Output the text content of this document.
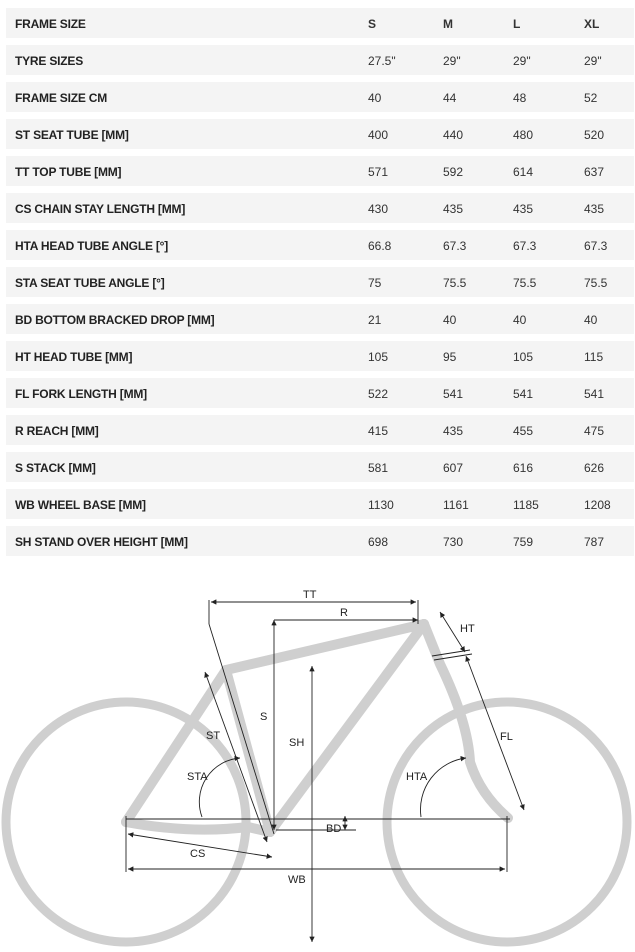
FRAME SIZE	S	M	L	XL
TYRE SIZES	27.5"	29"	29"	29"
FRAME SIZE CM	40	44	48	52
ST SEAT TUBE [MM]	400	440	480	520
TT TOP TUBE [MM]	571	592	614	637
CS CHAIN STAY LENGTH [MM]	430	435	435	435
HTA HEAD TUBE ANGLE [°]	66.8	67.3	67.3	67.3
STA SEAT TUBE ANGLE [°]	75	75.5	75.5	75.5
BD BOTTOM BRACKED DROP [MM]	21	40	40	40
HT HEAD TUBE [MM]	105	95	105	115
FL FORK LENGTH [MM]	522	541	541	541
R REACH [MM]	415	435	455	475
S STACK [MM]	581	607	616	626
WB WHEEL BASE [MM]	1130	1161	1185	1208
SH STAND OVER HEIGHT [MM]	698	730	759	787
TT
R
HT
S
ST
SH	FL
STA	HTA
BD
CS
WB
